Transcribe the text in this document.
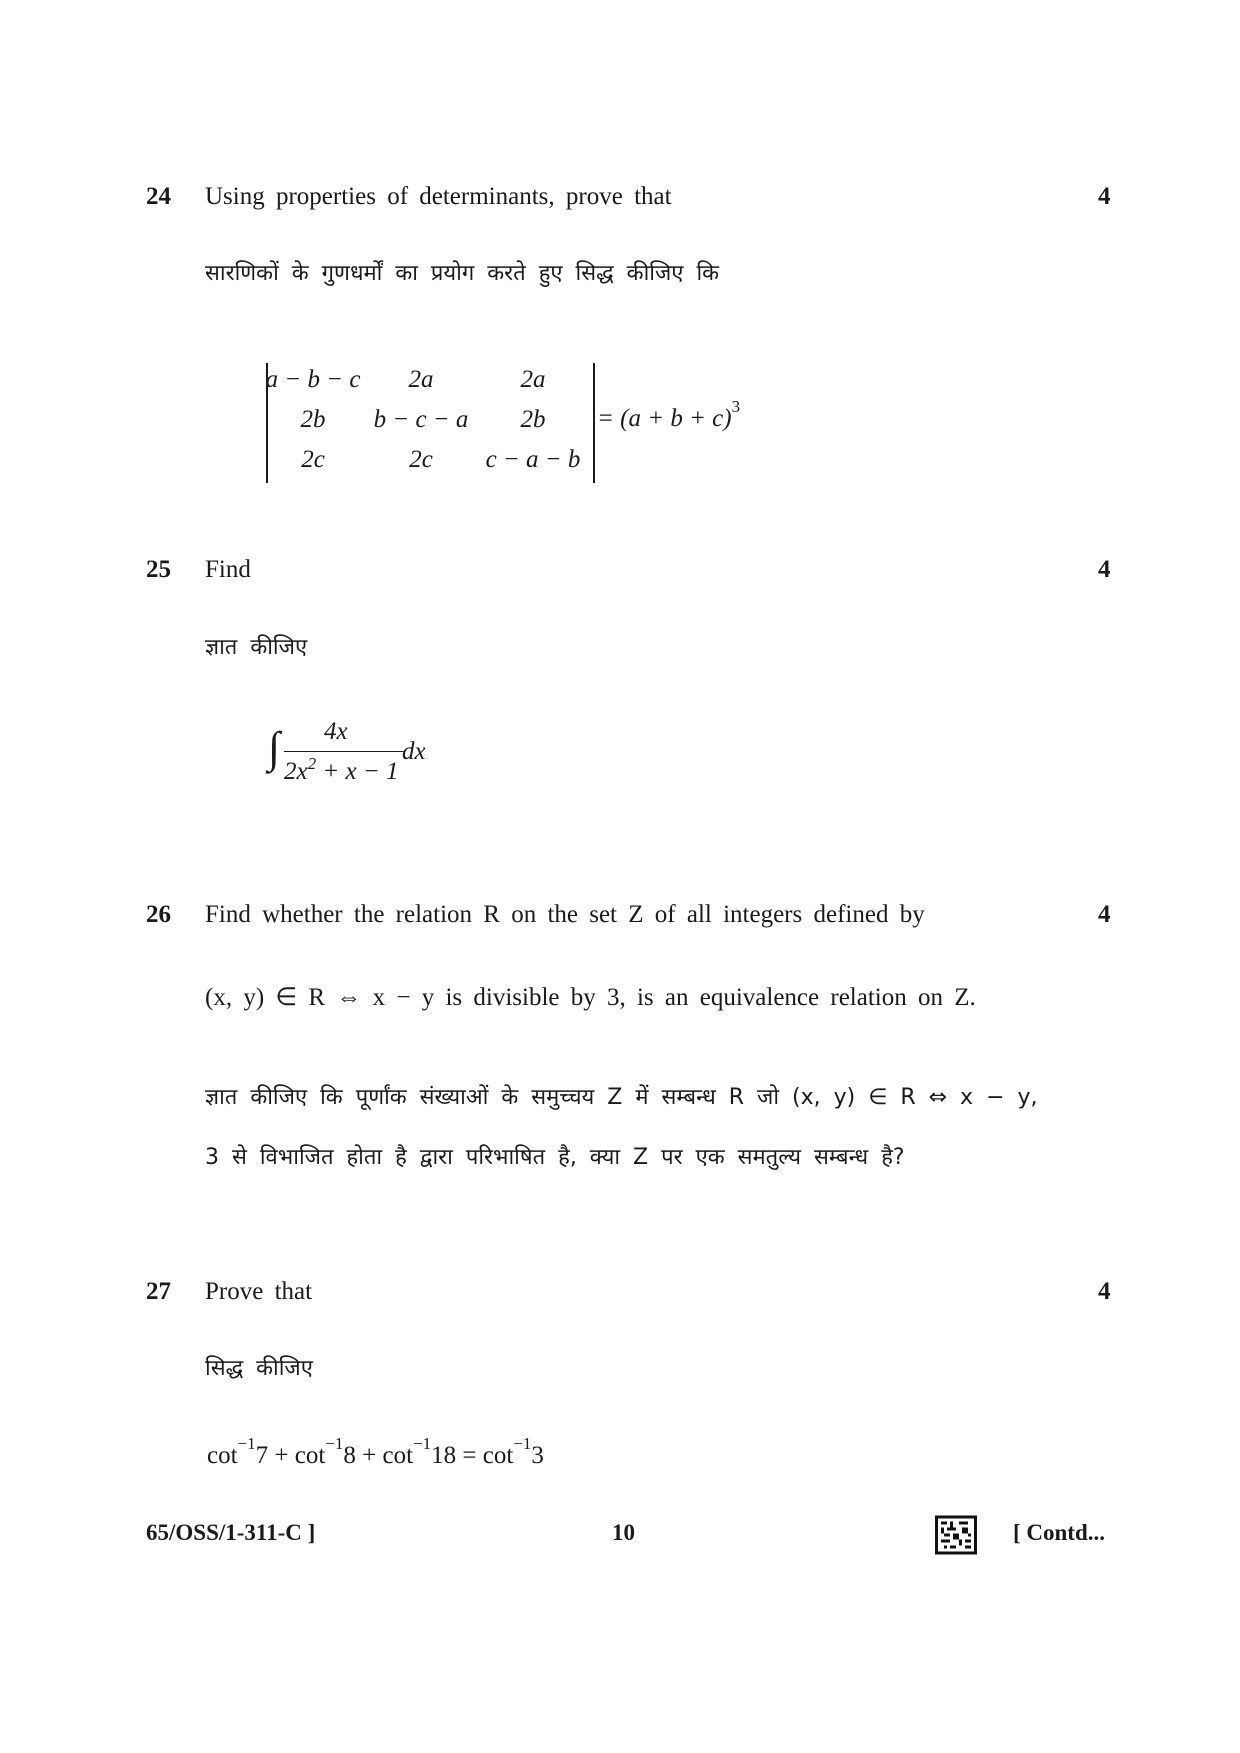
24 Using properties of determinants, prove that	4
सारणिकों के गुणधर्मों का प्रयोग करते हुए सिद्ध कीजिए कि
a − b − c	2a	2a
2b	b − c − a	2b
2c	2c	c − a − b
= $(a + b + c)^3$
25 Find	4
ज्ञात कीजिए
∫ 4x
$2x^2 + x - 1$
dx
26 Find whether the relation R on the set Z of all integers defined by	4
(x, y) ∈ R ⇔ x − y is divisible by 3, is an equivalence relation on Z.
ज्ञात कीजिए कि पूर्णांक संख्याओं के समुच्चय Z में सम्बन्ध R जो (x, y) ∈ R ⇔ x − y,
3 से विभाजित होता है द्वारा परिभाषित है, क्या Z पर एक समतुल्य सम्बन्ध है?
27 Prove that	4
सिद्ध कीजिए
$\cot^{-1}7 + \cot^{-1}8 + \cot^{-1}18 = \cot^{-1}3$
65/OSS/1-311-C ]	10	[ Contd...
